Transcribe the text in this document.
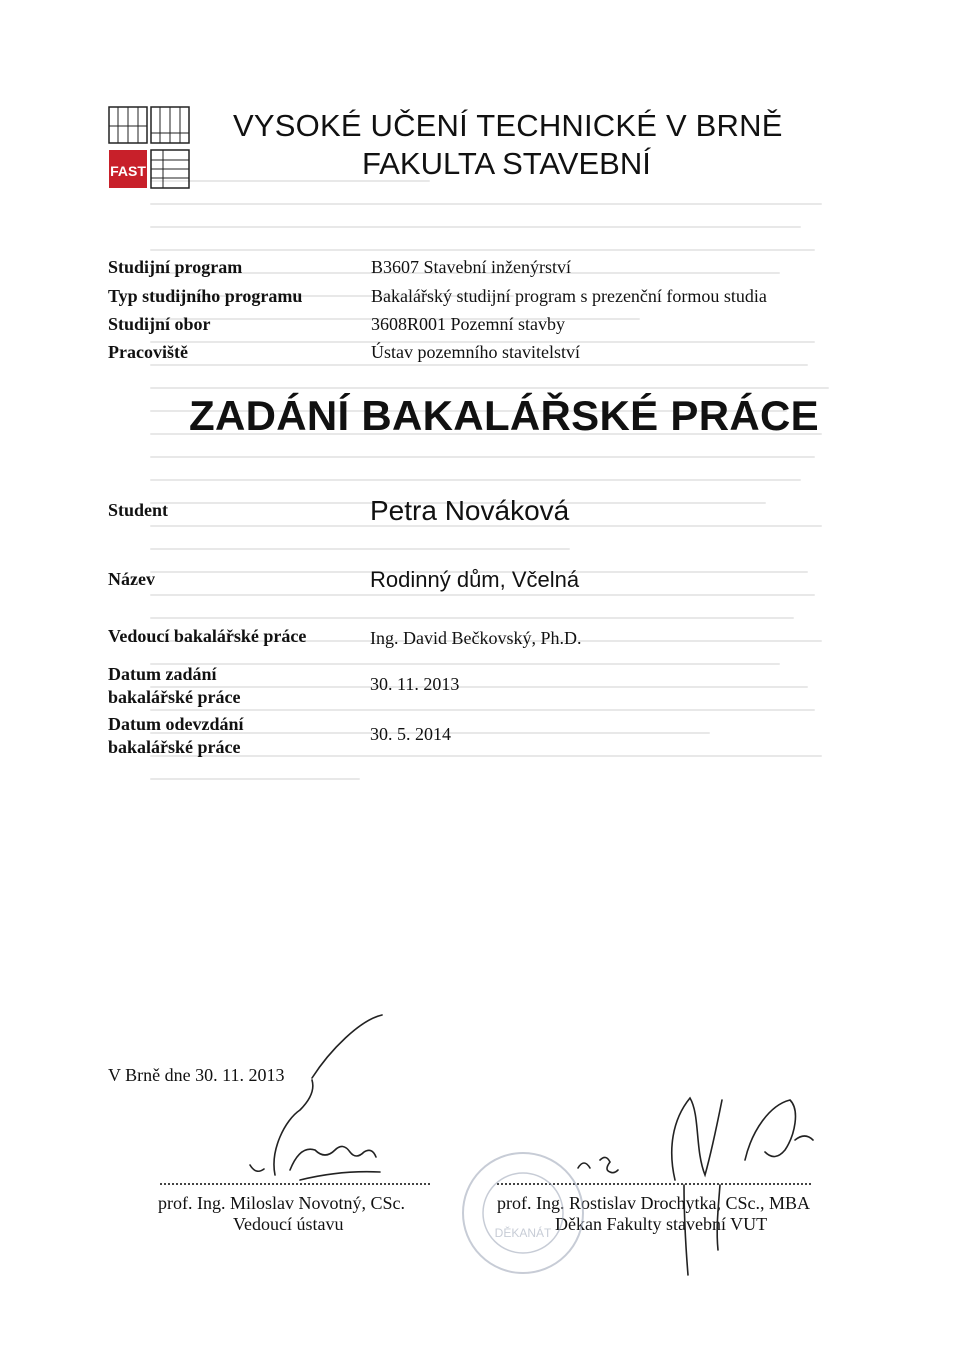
FAST
VYSOKÉ UČENÍ TECHNICKÉ V BRNĚ
FAKULTA STAVEBNÍ
Studijní program	B3607 Stavební inženýrství
Typ studijního programu	Bakalářský studijní program s prezenční formou studia
Studijní obor	3608R001 Pozemní stavby
Pracoviště	Ústav pozemního stavitelství
ZADÁNÍ BAKALÁŘSKÉ PRÁCE
Student	Petra Nováková
Název	Rodinný dům, Včelná
Vedoucí bakalářské práce	Ing. David Bečkovský, Ph.D.
Datum zadání
bakalářské práce
30. 11. 2013
Datum odevzdání
bakalářské práce
30. 5. 2014
V Brně dne 30. 11. 2013
prof. Ing. Miloslav Novotný, CSc.
Vedoucí ústavu
prof. Ing. Rostislav Drochytka, CSc., MBA
Děkan Fakulty stavební VUT
DĚKANÁT
